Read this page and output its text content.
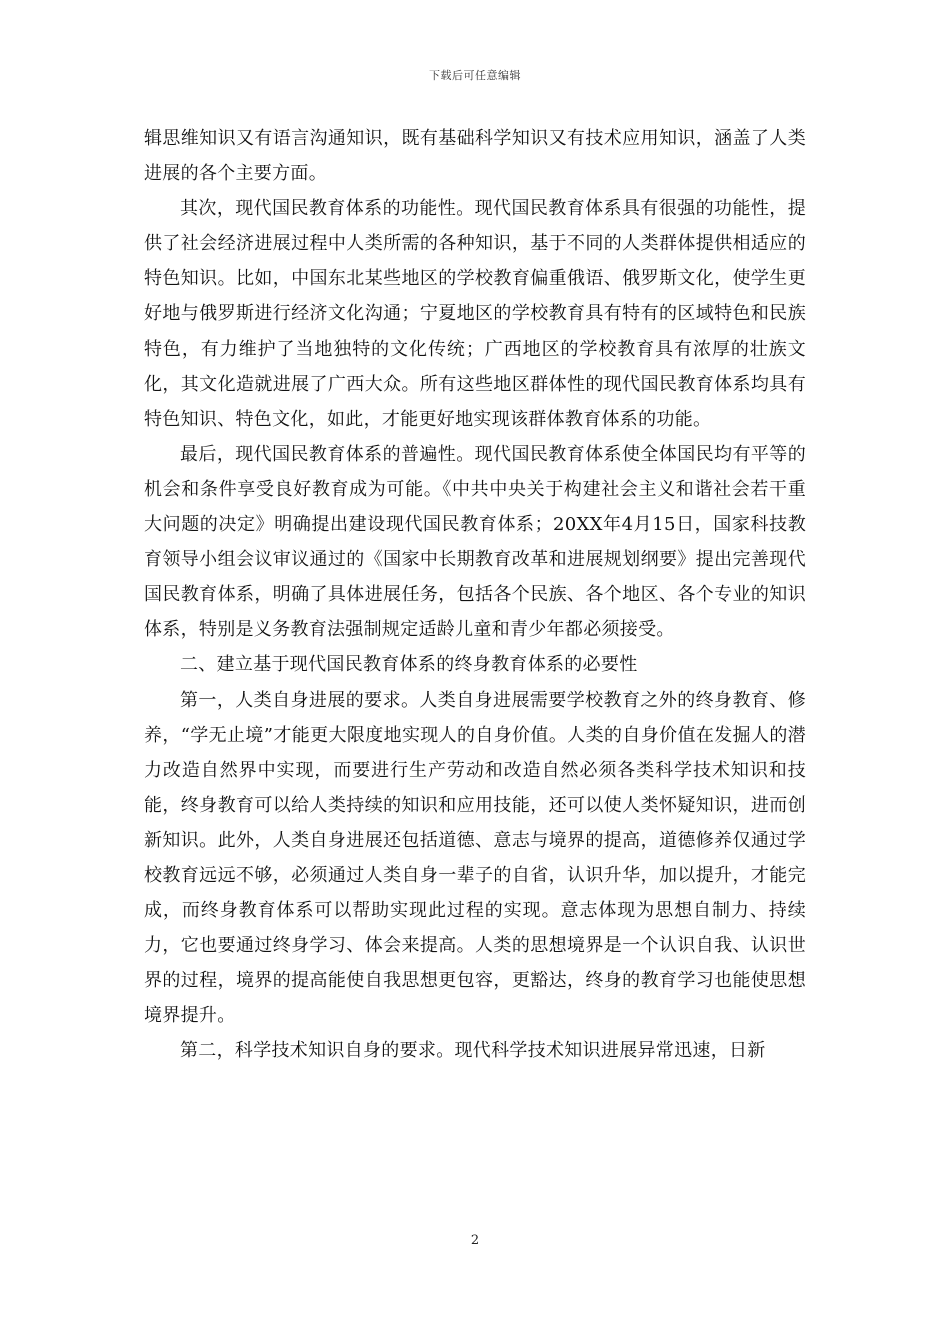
下载后可任意编辑

辑思维知识又有语言沟通知识，既有基础科学知识又有技术应用知识，涵盖了人类进展的各个主要方面。

其次，现代国民教育体系的功能性。现代国民教育体系具有很强的功能性，提供了社会经济进展过程中人类所需的各种知识，基于不同的人类群体提供相适应的特色知识。比如，中国东北某些地区的学校教育偏重俄语、俄罗斯文化，使学生更好地与俄罗斯进行经济文化沟通；宁夏地区的学校教育具有特有的区域特色和民族特色，有力维护了当地独特的文化传统；广西地区的学校教育具有浓厚的壮族文化，其文化造就进展了广西大众。所有这些地区群体性的现代国民教育体系均具有特色知识、特色文化，如此，才能更好地实现该群体教育体系的功能。

最后，现代国民教育体系的普遍性。现代国民教育体系使全体国民均有平等的机会和条件享受良好教育成为可能。《中共中央关于构建社会主义和谐社会若干重大问题的决定》明确提出建设现代国民教育体系；20XX年4月15日，国家科技教育领导小组会议审议通过的《国家中长期教育改革和进展规划纲要》提出完善现代国民教育体系，明确了具体进展任务，包括各个民族、各个地区、各个专业的知识体系，特别是义务教育法强制规定适龄儿童和青少年都必须接受。

二、建立基于现代国民教育体系的终身教育体系的必要性

第一，人类自身进展的要求。人类自身进展需要学校教育之外的终身教育、修养，“学无止境”才能更大限度地实现人的自身价值。人类的自身价值在发掘人的潜力改造自然界中实现，而要进行生产劳动和改造自然必须各类科学技术知识和技能，终身教育可以给人类持续的知识和应用技能，还可以使人类怀疑知识，进而创新知识。此外，人类自身进展还包括道德、意志与境界的提高，道德修养仅通过学校教育远远不够，必须通过人类自身一辈子的自省，认识升华，加以提升，才能完成，而终身教育体系可以帮助实现此过程的实现。意志体现为思想自制力、持续力，它也要通过终身学习、体会来提高。人类的思想境界是一个认识自我、认识世界的过程，境界的提高能使自我思想更包容，更豁达，终身的教育学习也能使思想境界提升。

第二，科学技术知识自身的要求。现代科学技术知识进展异常迅速，日新

2
